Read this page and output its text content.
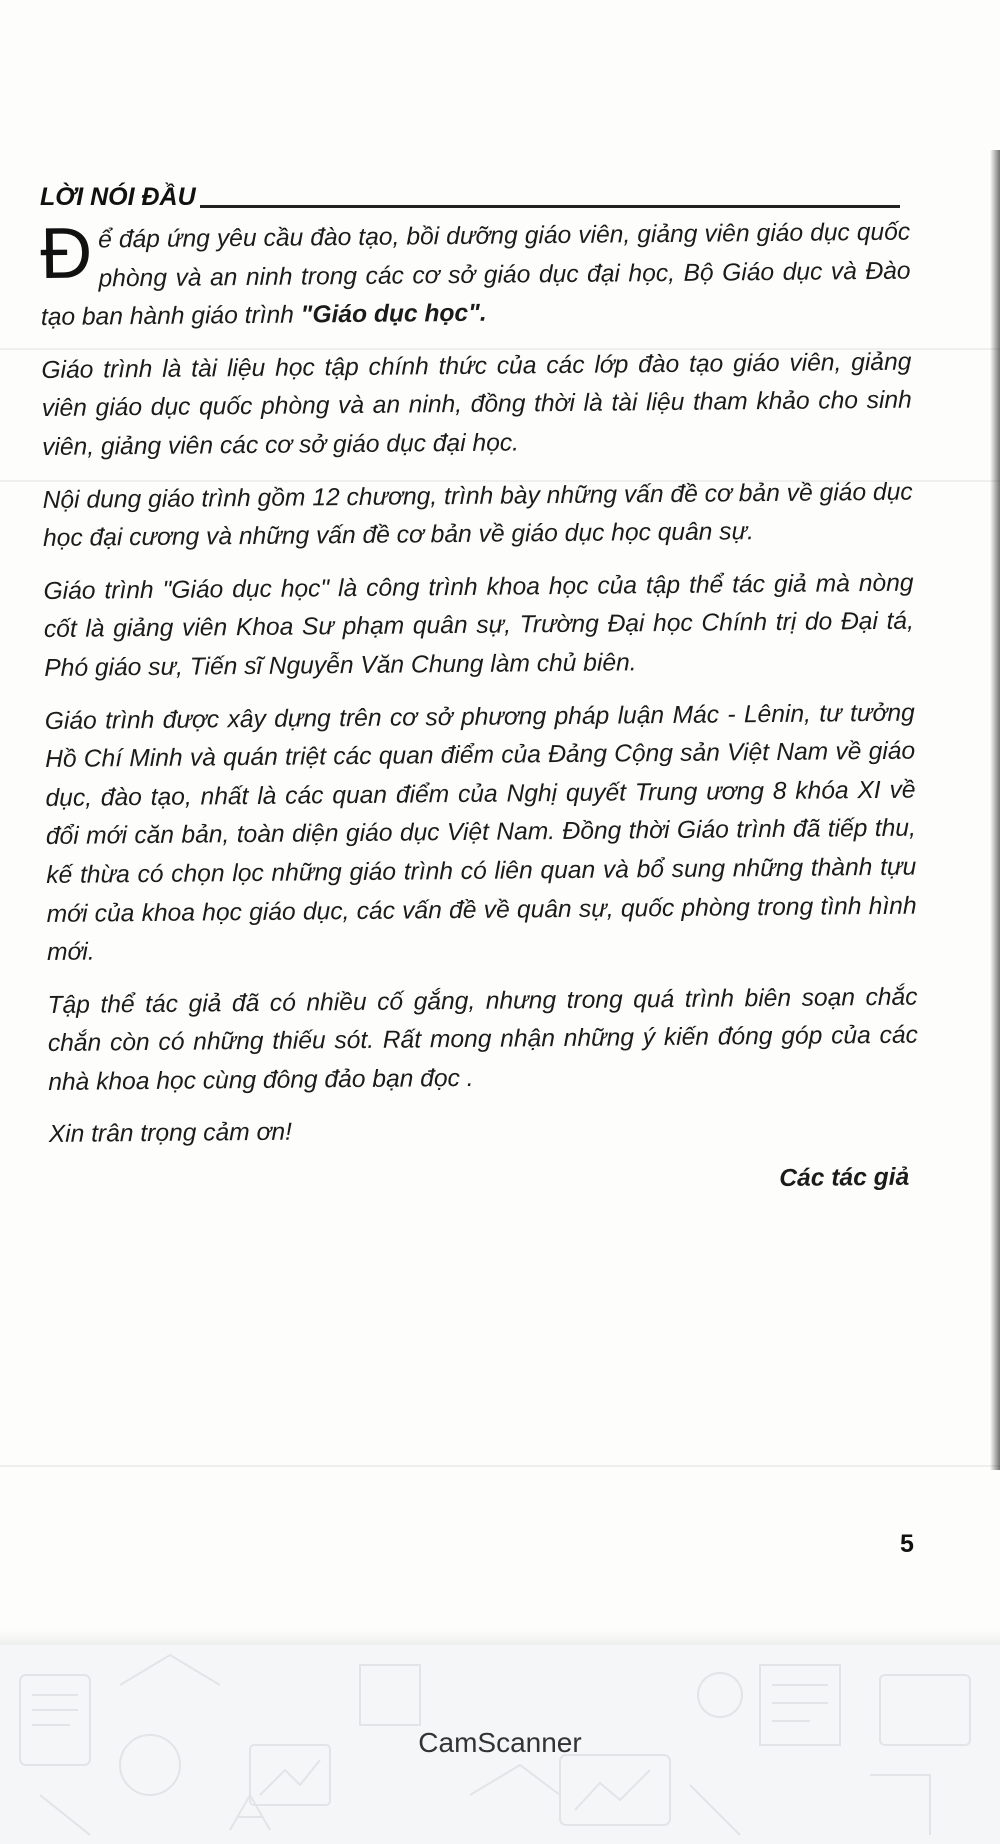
LỜI NÓI ĐẦU

Để đáp ứng yêu cầu đào tạo, bồi dưỡng giáo viên, giảng viên giáo dục quốc phòng và an ninh trong các cơ sở giáo dục đại học, Bộ Giáo dục và Đào tạo ban hành giáo trình "Giáo dục học".

Giáo trình là tài liệu học tập chính thức của các lớp đào tạo giáo viên, giảng viên giáo dục quốc phòng và an ninh, đồng thời là tài liệu tham khảo cho sinh viên, giảng viên các cơ sở giáo dục đại học.

Nội dung giáo trình gồm 12 chương, trình bày những vấn đề cơ bản về giáo dục học đại cương và những vấn đề cơ bản về giáo dục học quân sự.

Giáo trình "Giáo dục học" là công trình khoa học của tập thể tác giả mà nòng cốt là giảng viên Khoa Sư phạm quân sự, Trường Đại học Chính trị do Đại tá, Phó giáo sư, Tiến sĩ Nguyễn Văn Chung làm chủ biên.

Giáo trình được xây dựng trên cơ sở phương pháp luận Mác - Lênin, tư tưởng Hồ Chí Minh và quán triệt các quan điểm của Đảng Cộng sản Việt Nam về giáo dục, đào tạo, nhất là các quan điểm của Nghị quyết Trung ương 8 khóa XI về đổi mới căn bản, toàn diện giáo dục Việt Nam. Đồng thời Giáo trình đã tiếp thu, kế thừa có chọn lọc những giáo trình có liên quan và bổ sung những thành tựu mới của khoa học giáo dục, các vấn đề về quân sự, quốc phòng trong tình hình mới.

Tập thể tác giả đã có nhiều cố gắng, nhưng trong quá trình biên soạn chắc chắn còn có những thiếu sót. Rất mong nhận những ý kiến đóng góp của các nhà khoa học cùng đông đảo bạn đọc .

Xin trân trọng cảm ơn!

Các tác giả

5
CamScanner
